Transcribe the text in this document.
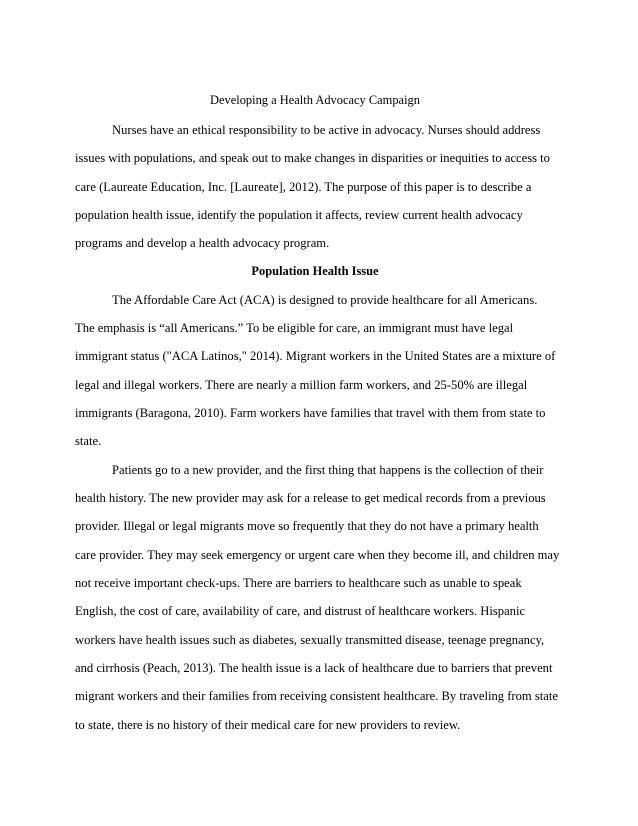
Developing a Health Advocacy Campaign
Nurses have an ethical responsibility to be active in advocacy. Nurses should address
issues with populations, and speak out to make changes in disparities or inequities to access to
care (Laureate Education, Inc. [Laureate], 2012). The purpose of this paper is to describe a
population health issue, identify the population it affects, review current health advocacy
programs and develop a health advocacy program.
Population Health Issue
The Affordable Care Act (ACA) is designed to provide healthcare for all Americans.
The emphasis is “all Americans.” To be eligible for care, an immigrant must have legal
immigrant status ("ACA Latinos," 2014). Migrant workers in the United States are a mixture of
legal and illegal workers. There are nearly a million farm workers, and 25-50% are illegal
immigrants (Baragona, 2010). Farm workers have families that travel with them from state to
state.
Patients go to a new provider, and the first thing that happens is the collection of their
health history. The new provider may ask for a release to get medical records from a previous
provider. Illegal or legal migrants move so frequently that they do not have a primary health
care provider. They may seek emergency or urgent care when they become ill, and children may
not receive important check-ups. There are barriers to healthcare such as unable to speak
English, the cost of care, availability of care, and distrust of healthcare workers. Hispanic
workers have health issues such as diabetes, sexually transmitted disease, teenage pregnancy,
and cirrhosis (Peach, 2013). The health issue is a lack of healthcare due to barriers that prevent
migrant workers and their families from receiving consistent healthcare. By traveling from state
to state, there is no history of their medical care for new providers to review.
